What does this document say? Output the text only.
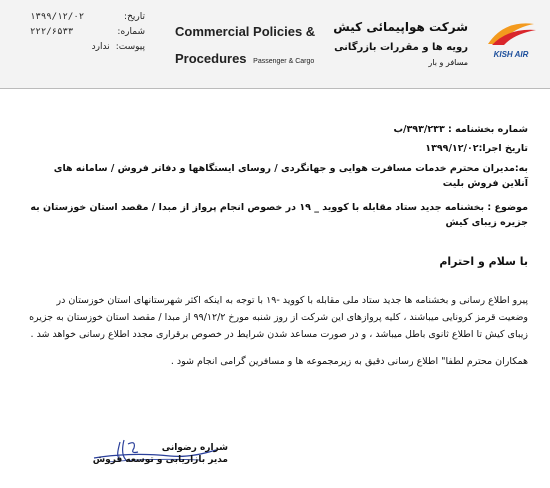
تاریخ:
۱۳۹۹/۱۲/۰۲
شماره:
۲۲۲/۶۵۳۳
پیوست:
ندارد
Commercial Policies &
Procedures Passenger & Cargo
شرکت هواپیمائی کیش
رویه ها و مقررات بازرگانی
مسافر و بار
KISH AIR
شماره بخشنامه : ۳۹۳/۲۳۳/ب
تاریخ اجرا:۱۳۹۹/۱۲/۰۲
به:مدیران محترم خدمات مسافرت هوایی و جهانگردی / روسای ایستگاهها و دفاتر فروش / سامانه های آنلاین فروش بلیت
موضوع : بخشنامه جدید ستاد مقابله با کووید _ ۱۹ در خصوص انجام پرواز از مبدا / مقصد استان خوزستان به جزیره زیبای کیش
با سلام و احترام
پیرو اطلاع رسانی و بخشنامه ها جدید ستاد ملی مقابله با کووید -۱۹ با توجه به اینکه اکثر شهرستانهای استان خوزستان در وضعیت قرمز کرونایی میباشند ، کلیه پروازهای این شرکت از روز شنبه مورخ ۹۹/۱۲/۲ از مبدا / مقصد استان خوزستان به جزیره زیبای کیش تا اطلاع ثانوی باطل میباشد ، و در صورت مساعد شدن شرایط در خصوص برقراری مجدد اطلاع رسانی خواهد شد .
همکاران محترم لطفا" اطلاع رسانی دقیق به زیرمجموعه ها و مسافرین گرامی انجام شود .
شراره رضوانی
مدیر بازاریابی و توسعه فروش
